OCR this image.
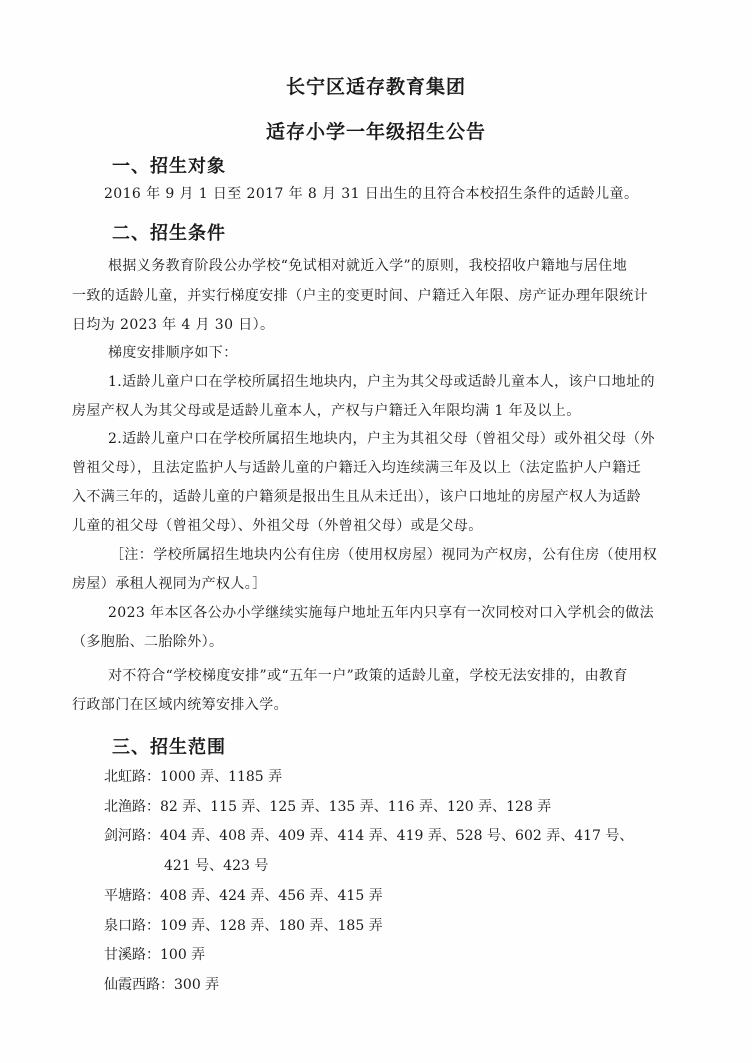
长宁区适存教育集团
适存小学一年级招生公告
一、招生对象
2016 年 9 月 1 日至 2017 年 8 月 31 日出生的且符合本校招生条件的适龄儿童。
二、招生条件
根据义务教育阶段公办学校“免试相对就近入学”的原则，我校招收户籍地与居住地
一致的适龄儿童，并实行梯度安排（户主的变更时间、户籍迁入年限、房产证办理年限统计
日均为 2023 年 4 月 30 日）。
梯度安排顺序如下：
1.适龄儿童户口在学校所属招生地块内，户主为其父母或适龄儿童本人，该户口地址的
房屋产权人为其父母或是适龄儿童本人，产权与户籍迁入年限均满 1 年及以上。
2.适龄儿童户口在学校所属招生地块内，户主为其祖父母（曾祖父母）或外祖父母（外
曾祖父母），且法定监护人与适龄儿童的户籍迁入均连续满三年及以上（法定监护人户籍迁
入不满三年的，适龄儿童的户籍须是报出生且从未迁出），该户口地址的房屋产权人为适龄
儿童的祖父母（曾祖父母）、外祖父母（外曾祖父母）或是父母。
［注：学校所属招生地块内公有住房（使用权房屋）视同为产权房，公有住房（使用权
房屋）承租人视同为产权人。］
2023 年本区各公办小学继续实施每户地址五年内只享有一次同校对口入学机会的做法
（多胞胎、二胎除外）。
对不符合“学校梯度安排”或“五年一户”政策的适龄儿童，学校无法安排的，由教育
行政部门在区域内统筹安排入学。
三、招生范围
北虹路：1000 弄、1185 弄
北渔路：82 弄、115 弄、125 弄、135 弄、116 弄、120 弄、128 弄
剑河路：404 弄、408 弄、409 弄、414 弄、419 弄、528 号、602 弄、417 号、
421 号、423 号
平塘路：408 弄、424 弄、456 弄、415 弄
泉口路：109 弄、128 弄、180 弄、185 弄
甘溪路：100 弄
仙霞西路：300 弄
